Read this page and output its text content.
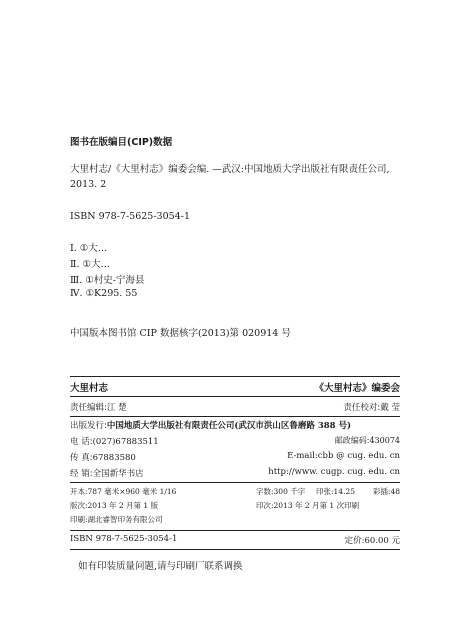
图书在版编目(CIP)数据
大里村志/《大里村志》编委会编. —武汉:中国地质大学出版社有限责任公司,
2013. 2
ISBN 978-7-5625-3054-1
Ⅰ. ①大…
Ⅱ. ①大…
Ⅲ. ①村史-宁海县
Ⅳ. ①K295. 55
中国版本图书馆 CIP 数据核字(2013)第 020914 号
大里村志	《大里村志》编委会
责任编辑:江 楚	责任校对:戴 莹
出版发行:中国地质大学出版社有限责任公司(武汉市洪山区鲁磨路 388 号)
电 话:(027)67883511	邮政编码:430074
传 真:67883580	E-mail:cbb @ cug. edu. cn
经 销:全国新华书店	http://www. cugp. cug. edu. cn
开本:787 毫米×960 毫米 1/16	字数:300 千字 印张:14.25 彩插:48
版次:2013 年 2 月第 1 版	印次:2013 年 2 月第 1 次印刷
印刷:湖北睿智印务有限公司
ISBN 978-7-5625-3054-1	定价:60.00 元
如有印装质量问题,请与印刷厂联系调换
